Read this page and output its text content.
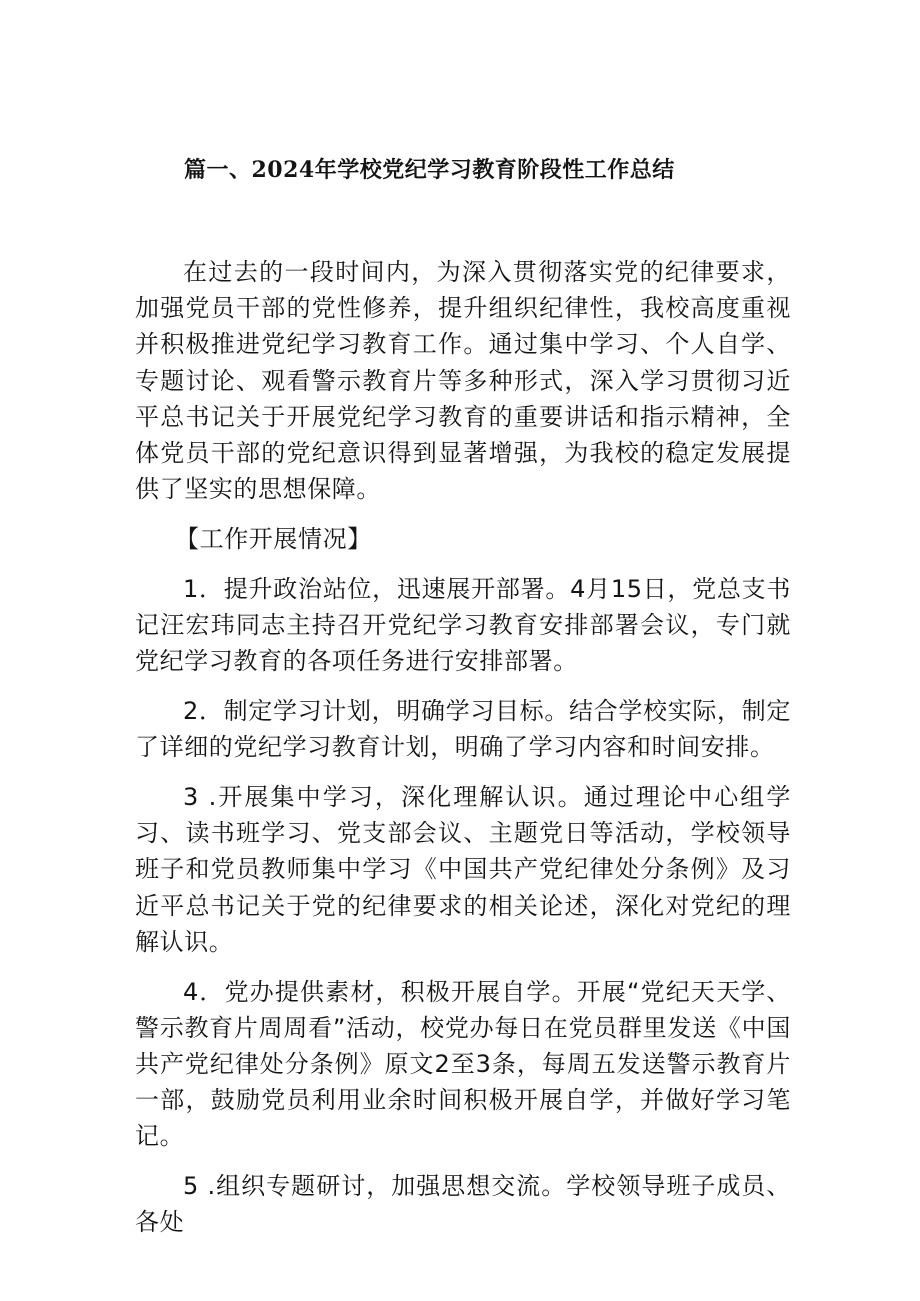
篇一、2024年学校党纪学习教育阶段性工作总结

在过去的一段时间内，为深入贯彻落实党的纪律要求，加强党员干部的党性修养，提升组织纪律性，我校高度重视并积极推进党纪学习教育工作。通过集中学习、个人自学、专题讨论、观看警示教育片等多种形式，深入学习贯彻习近平总书记关于开展党纪学习教育的重要讲话和指示精神，全体党员干部的党纪意识得到显著增强，为我校的稳定发展提供了坚实的思想保障。

【工作开展情况】

1．提升政治站位，迅速展开部署。4月15日，党总支书记汪宏玮同志主持召开党纪学习教育安排部署会议，专门就党纪学习教育的各项任务进行安排部署。

2．制定学习计划，明确学习目标。结合学校实际，制定了详细的党纪学习教育计划，明确了学习内容和时间安排。

3 .开展集中学习，深化理解认识。通过理论中心组学习、读书班学习、党支部会议、主题党日等活动，学校领导班子和党员教师集中学习《中国共产党纪律处分条例》及习近平总书记关于党的纪律要求的相关论述，深化对党纪的理解认识。

4．党办提供素材，积极开展自学。开展“党纪天天学、警示教育片周周看”活动，校党办每日在党员群里发送《中国共产党纪律处分条例》原文2至3条，每周五发送警示教育片一部，鼓励党员利用业余时间积极开展自学，并做好学习笔记。

5 .组织专题研讨，加强思想交流。学校领导班子成员、各处
